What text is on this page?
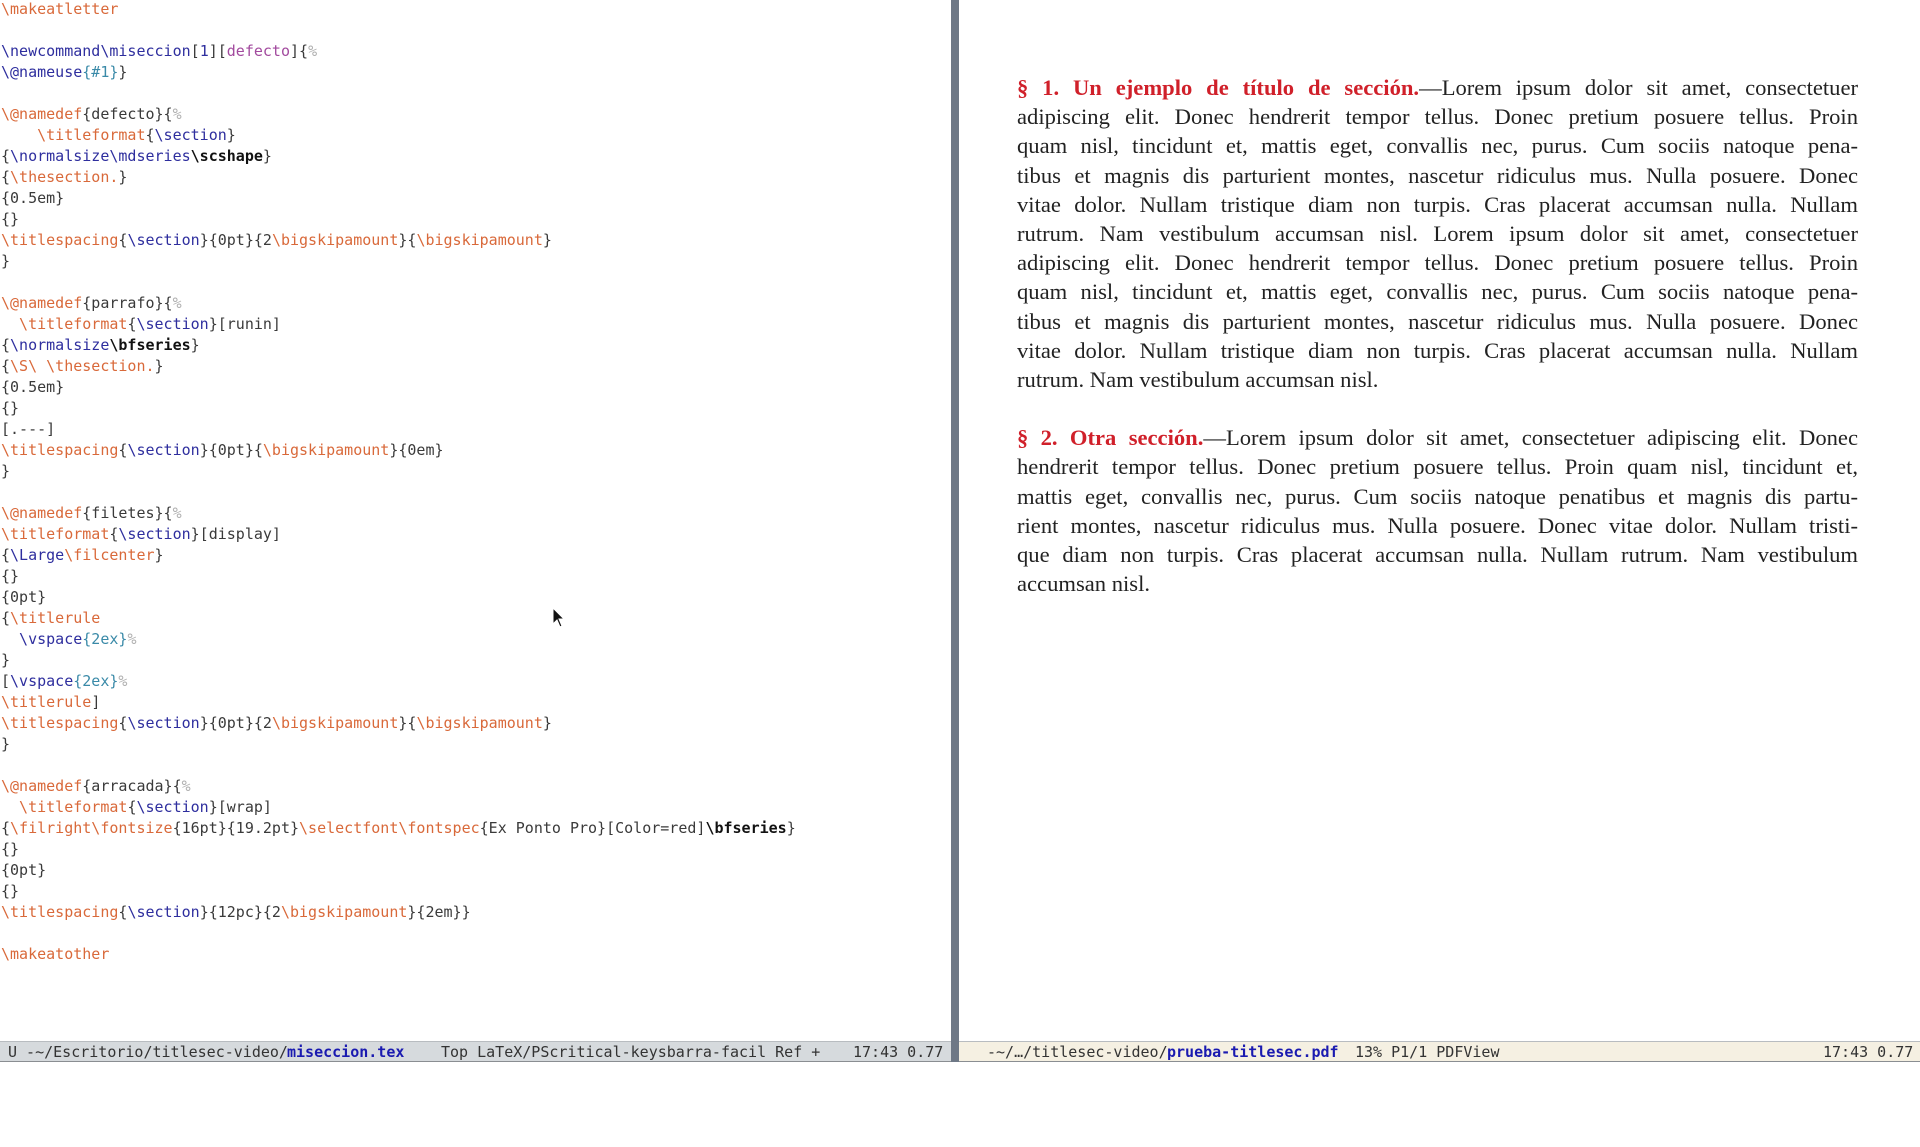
\makeatletter
\newcommand\miseccion[1][defecto]{%
\@nameuse{#1}}
\@namedef{defecto}{%
\titleformat{\section}
{\normalsize\mdseries\scshape}
{\thesection.}
{0.5em}
{}
\titlespacing{\section}{0pt}{2\bigskipamount}{\bigskipamount}
}
\@namedef{parrafo}{%
\titleformat{\section}[runin]
{\normalsize\bfseries}
{\S\ \thesection.}
{0.5em}
{}
[.---]
\titlespacing{\section}{0pt}{\bigskipamount}{0em}
}
\@namedef{filetes}{%
\titleformat{\section}[display]
{\Large\filcenter}
{}
{0pt}
{\titlerule
\vspace{2ex}%
}
[\vspace{2ex}%
\titlerule]
\titlespacing{\section}{0pt}{2\bigskipamount}{\bigskipamount}
}
\@namedef{arracada}{%
\titleformat{\section}[wrap]
{\filright\fontsize{16pt}{19.2pt}\selectfont\fontspec{Ex Ponto Pro}[Color=red]\bfseries}
{}
{0pt}
{}
\titlespacing{\section}{12pc}{2\bigskipamount}{2em}}
\makeatother
§ 1. Un ejemplo de título de sección.—Lorem ipsum dolor sit amet, consectetuer
adipiscing elit. Donec hendrerit tempor tellus. Donec pretium posuere tellus. Proin
quam nisl, tincidunt et, mattis eget, convallis nec, purus. Cum sociis natoque pena-
tibus et magnis dis parturient montes, nascetur ridiculus mus. Nulla posuere. Donec
vitae dolor. Nullam tristique diam non turpis. Cras placerat accumsan nulla. Nullam
rutrum. Nam vestibulum accumsan nisl. Lorem ipsum dolor sit amet, consectetuer
adipiscing elit. Donec hendrerit tempor tellus. Donec pretium posuere tellus. Proin
quam nisl, tincidunt et, mattis eget, convallis nec, purus. Cum sociis natoque pena-
tibus et magnis dis parturient montes, nascetur ridiculus mus. Nulla posuere. Donec
vitae dolor. Nullam tristique diam non turpis. Cras placerat accumsan nulla. Nullam
rutrum. Nam vestibulum accumsan nisl.
§ 2. Otra sección.—Lorem ipsum dolor sit amet, consectetuer adipiscing elit. Donec
hendrerit tempor tellus. Donec pretium posuere tellus. Proin quam nisl, tincidunt et,
mattis eget, convallis nec, purus. Cum sociis natoque penatibus et magnis dis partu-
rient montes, nascetur ridiculus mus. Nulla posuere. Donec vitae dolor. Nullam tristi-
que diam non turpis. Cras placerat accumsan nulla. Nullam rutrum. Nam vestibulum
accumsan nisl.

U -~/Escritorio/titlesec-video/

miseccion.tex

Top LaTeX/PScritical-keysbarra-facil Ref +

17:43 0.77

	-~/…/titlesec-video/

prueba-titlesec.pdf

13% P1/1 PDFView

	17:43 0.77
